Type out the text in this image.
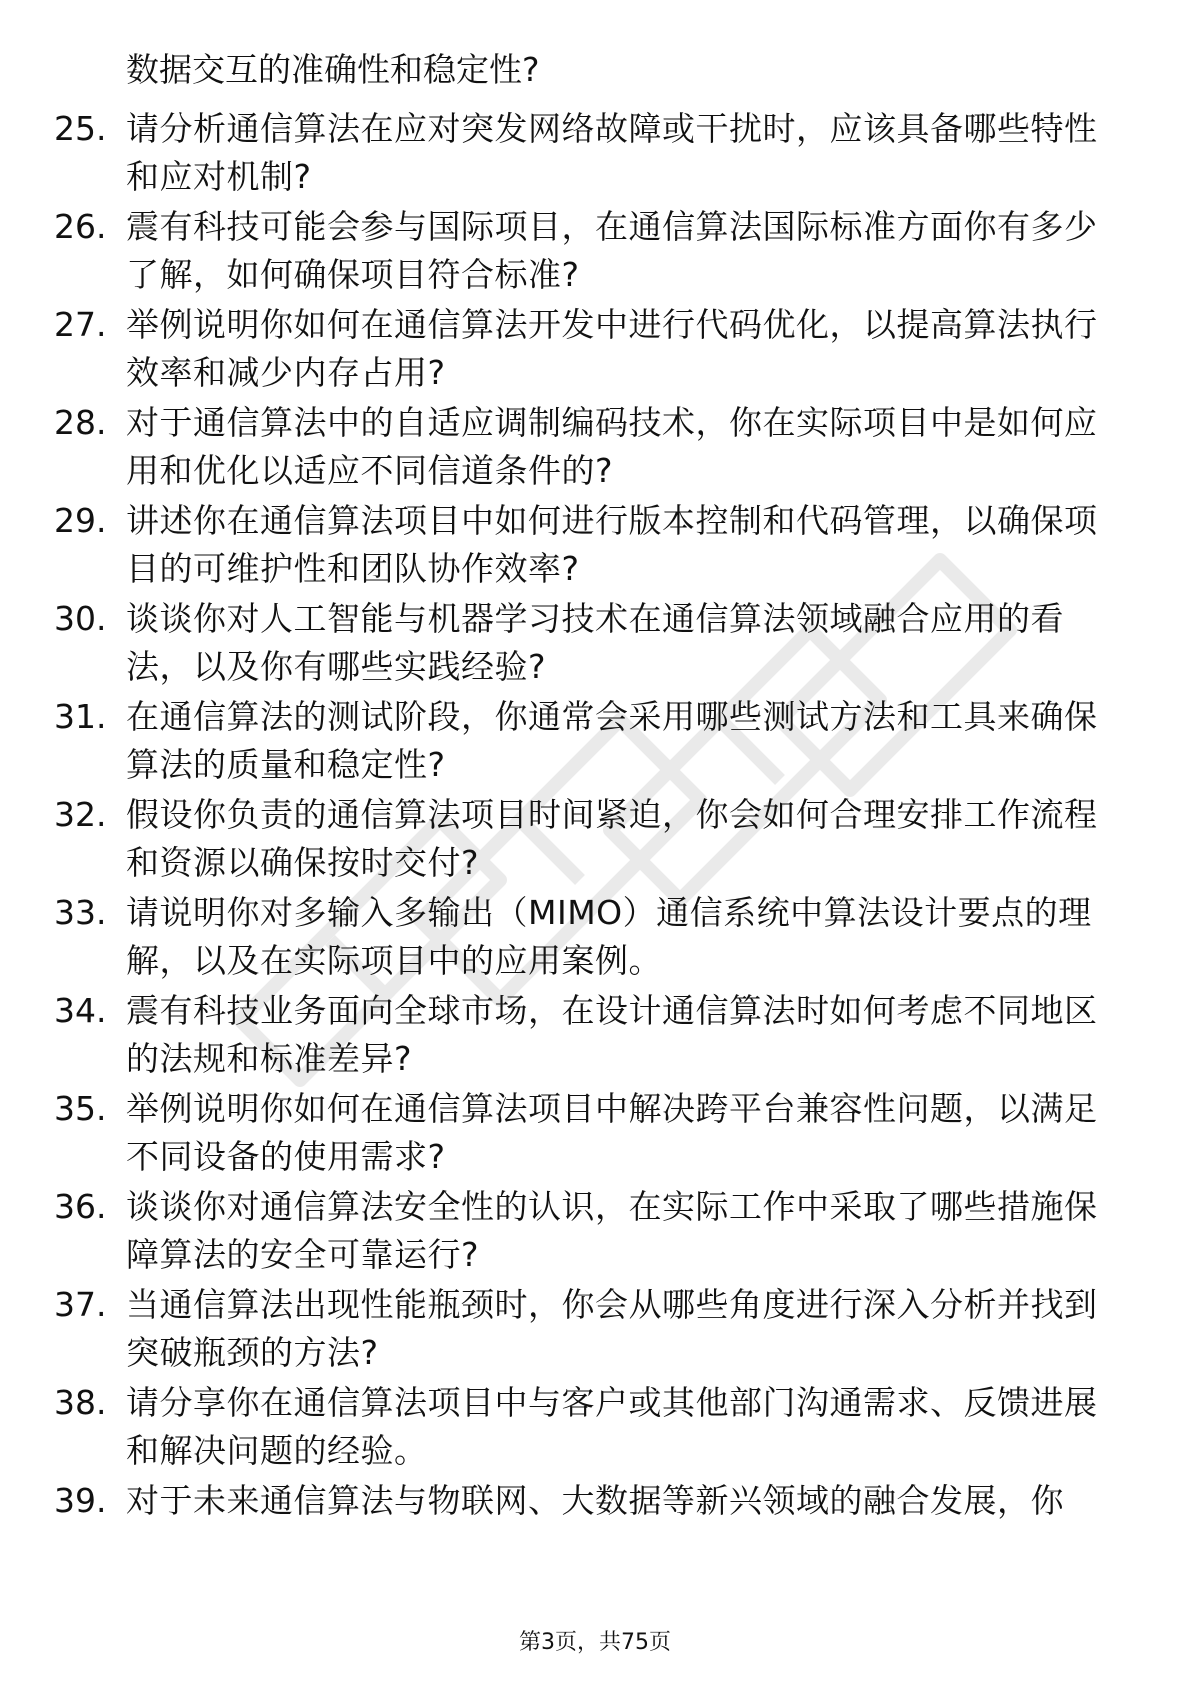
数据交互的准确性和稳定性?
25. 请分析通信算法在应对突发网络故障或干扰时，应该具备哪些特性和应对机制?
26. 震有科技可能会参与国际项目，在通信算法国际标准方面你有多少了解，如何确保项目符合标准?
27. 举例说明你如何在通信算法开发中进行代码优化，以提高算法执行效率和减少内存占用?
28. 对于通信算法中的自适应调制编码技术，你在实际项目中是如何应用和优化以适应不同信道条件的?
29. 讲述你在通信算法项目中如何进行版本控制和代码管理，以确保项目的可维护性和团队协作效率?
30. 谈谈你对人工智能与机器学习技术在通信算法领域融合应用的看法，以及你有哪些实践经验?
31. 在通信算法的测试阶段，你通常会采用哪些测试方法和工具来确保算法的质量和稳定性?
32. 假设你负责的通信算法项目时间紧迫，你会如何合理安排工作流程和资源以确保按时交付?
33. 请说明你对多输入多输出（MIMO）通信系统中算法设计要点的理解，以及在实际项目中的应用案例。
34. 震有科技业务面向全球市场，在设计通信算法时如何考虑不同地区的法规和标准差异?
35. 举例说明你如何在通信算法项目中解决跨平台兼容性问题，以满足不同设备的使用需求?
36. 谈谈你对通信算法安全性的认识，在实际工作中采取了哪些措施保障算法的安全可靠运行?
37. 当通信算法出现性能瓶颈时，你会从哪些角度进行深入分析并找到突破瓶颈的方法?
38. 请分享你在通信算法项目中与客户或其他部门沟通需求、反馈进展和解决问题的经验。
39. 对于未来通信算法与物联网、大数据等新兴领域的融合发展，你
第3页，共75页
